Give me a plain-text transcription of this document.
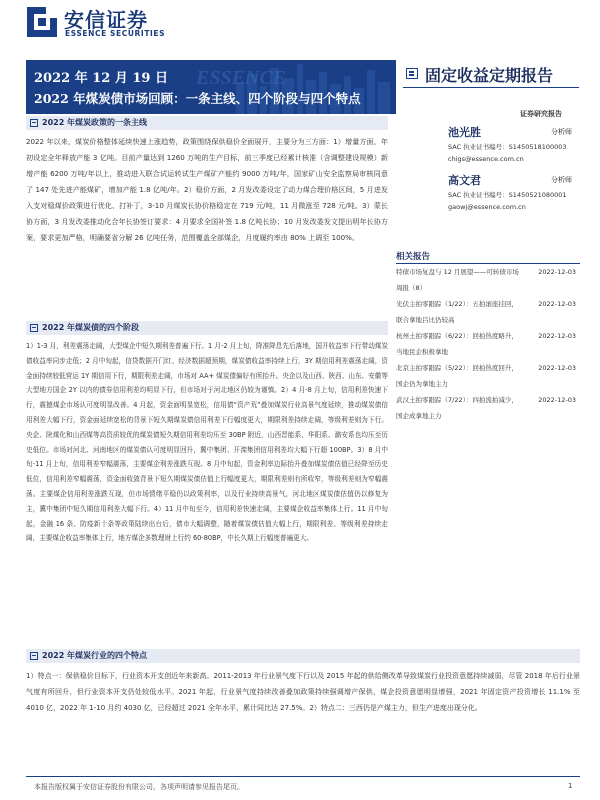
安信证券
ESSENCE SECURITIES
ESSENCE
2022 年 12 月 19 日
2022 年煤炭债市场回顾：一条主线、四个阶段与四个特点
固定收益定期报告
证券研究报告
池光胜	分析师
SAC 执业证书编号：S1450518100003
chigs@essence.com.cn
高文君	分析师
SAC 执业证书编号：S1450521080001
gaowj@essence.com.cn
相关报告
特债市场复盘与 12 月展望——可转债市场周报（8）
2022-12-03
光伏主拍零跟踪（1/22）：五拍滚座挂回，联合拿地吕比仍较高
2022-12-03
杭州土拍零跟踪（6/22）：回拍热度略升，当地民企积极拿地
2022-12-03
北京主拍零跟踪（5/22）：回拍热度回升，国企仍为拿地主力
2022-12-03
武汉土拍零跟踪（7/22）：四拍流拍减少，国企成拿地主力
2022-12-03
2022 年煤炭政策的一条主线
2022 年以来，煤炭价格整体延续快速上涨趋势，政策围绕保供稳价全面展开，主要分为三方面：1）增量方面，年初设定全年释放产能 3 亿吨。目前产量达到 1260 万吨的生产目标，前三季度已经累计核准（含调整建设规模）新增产能 6200 万吨/年以上，推动进入联合试运转试生产煤矿产能约 9000 万吨/年，国家矿山安全监察局审核同意了 147 处先进产能煤矿，增加产能 1.8 亿吨/年。2）稳价方面，2 月发改委设定了动力煤合理价格区间，5 月进发入支对稳煤价政策进行优化、打补丁，3-10 月煤炭长协价格稳定在 719 元/吨，11 月微涨至 728 元/吨。3）蒙长协方面，3 月发改委推动化合年长协签订要求：4 月要求全国补签 1.8 亿吨长协；10 月发改委发文提出明年长协方案，要求更加严格，明确要省分解 26 亿吨任务，范围覆盖全部煤企，月度履约率由 80% 上调至 100%。
2022 年煤炭债的四个阶段
1）1-3 月，利差震荡走阔，大型煤企中短久期利差普遍下行。1 月-2 月上旬，降准降息先后落地，国开收益率下行带动煤炭债收益率同步走低；2 月中旬起，信贷数据开门红、经济数据超预期，煤炭债收益率持续上行，3Y 期信用利差震荡走阔，资金面持续较低营运 1Y 期信用下行，期限利差走阔，市场对 AA+ 煤炭债偏好有所抬升。央企以及山西、陕西、山东、安徽等大型地方国企 2Y 以内的债券信用利差均明显下行，但市场对于河北地区仍较为谨慎。2）4 月-8 月上旬，信用利差快速下行，震撼煤企市场认可度明显改善。4 月起，资金面明显宽松，信用债“资产荒”叠加煤炭行业高景气度延续，推动煤炭债信用利差大幅下行，资金面延续宽松的背景下短久期煤炭债信用利差下行幅度更大，期限利差持续走阔，等级利差则为下行。央企、陕煤化和山西煤等高资质较优的煤炭债短久期信用利差均压至 30BP 附近，山西晋能系、华阳系、潞安系也均压至历史低位。市场对河北、河南地区的煤炭债认可度明显回升，冀中集团、开滦集团信用利差均大幅下行超 100BP。3）8 月中旬-11 月上旬，信用利差窄幅震荡，主要煤企利差涨跌互现。8 月中旬起，资金利率边际抬升叠加煤炭债估值已经降至历史低位，信用利差窄幅震荡，资金面收敛背景下短久期煤炭债估值上行幅度更大，期限利差则有所收窄，等级利差则为窄幅震荡。主要煤企信用利差涨跌互现，但市场情绪平稳仍以政策利率，以及行业持续高景气，河北地区煤炭债估值仍以修复为主，冀中集团中短久期信用利差大幅下行。4）11 月中旬至今，信用利差快速走阔，主要煤企收益率集体上行。11 月中旬起，金融 16 条、防疫新十条等政策陆续出台后，债市大幅调整，随着煤炭债估值大幅上行，期限利差、等级利差持续走阔，主要煤企收益率集体上行，地方煤企多数理财上行约 60-80BP，中长久期上行幅度普遍更大。
2022 年煤炭行业的四个特点
1）特点一：保供稳价目标下，行业资本开支创近年来新高。2011-2013 年行业景气度下行以及 2015 年起的供给侧改革导致煤炭行业投资意愿持续减弱，尽管 2018 年后行业景气度有所回升，但行业资本开支仍处较低水平。2021 年起，行业景气度持续改善叠加政策持续强调增产保供，煤企投资意愿明显增强，2021 年固定资产投资增长 11.1% 至 4010 亿，2022 年 1-10 月约 4030 亿，已经超过 2021 全年水平，累计同比达 27.5%。2）特点二：三西仍是产煤主力，但生产进度出现分化。
本报告版权属于安信证券股份有限公司，各项声明请参见报告尾页。	1
